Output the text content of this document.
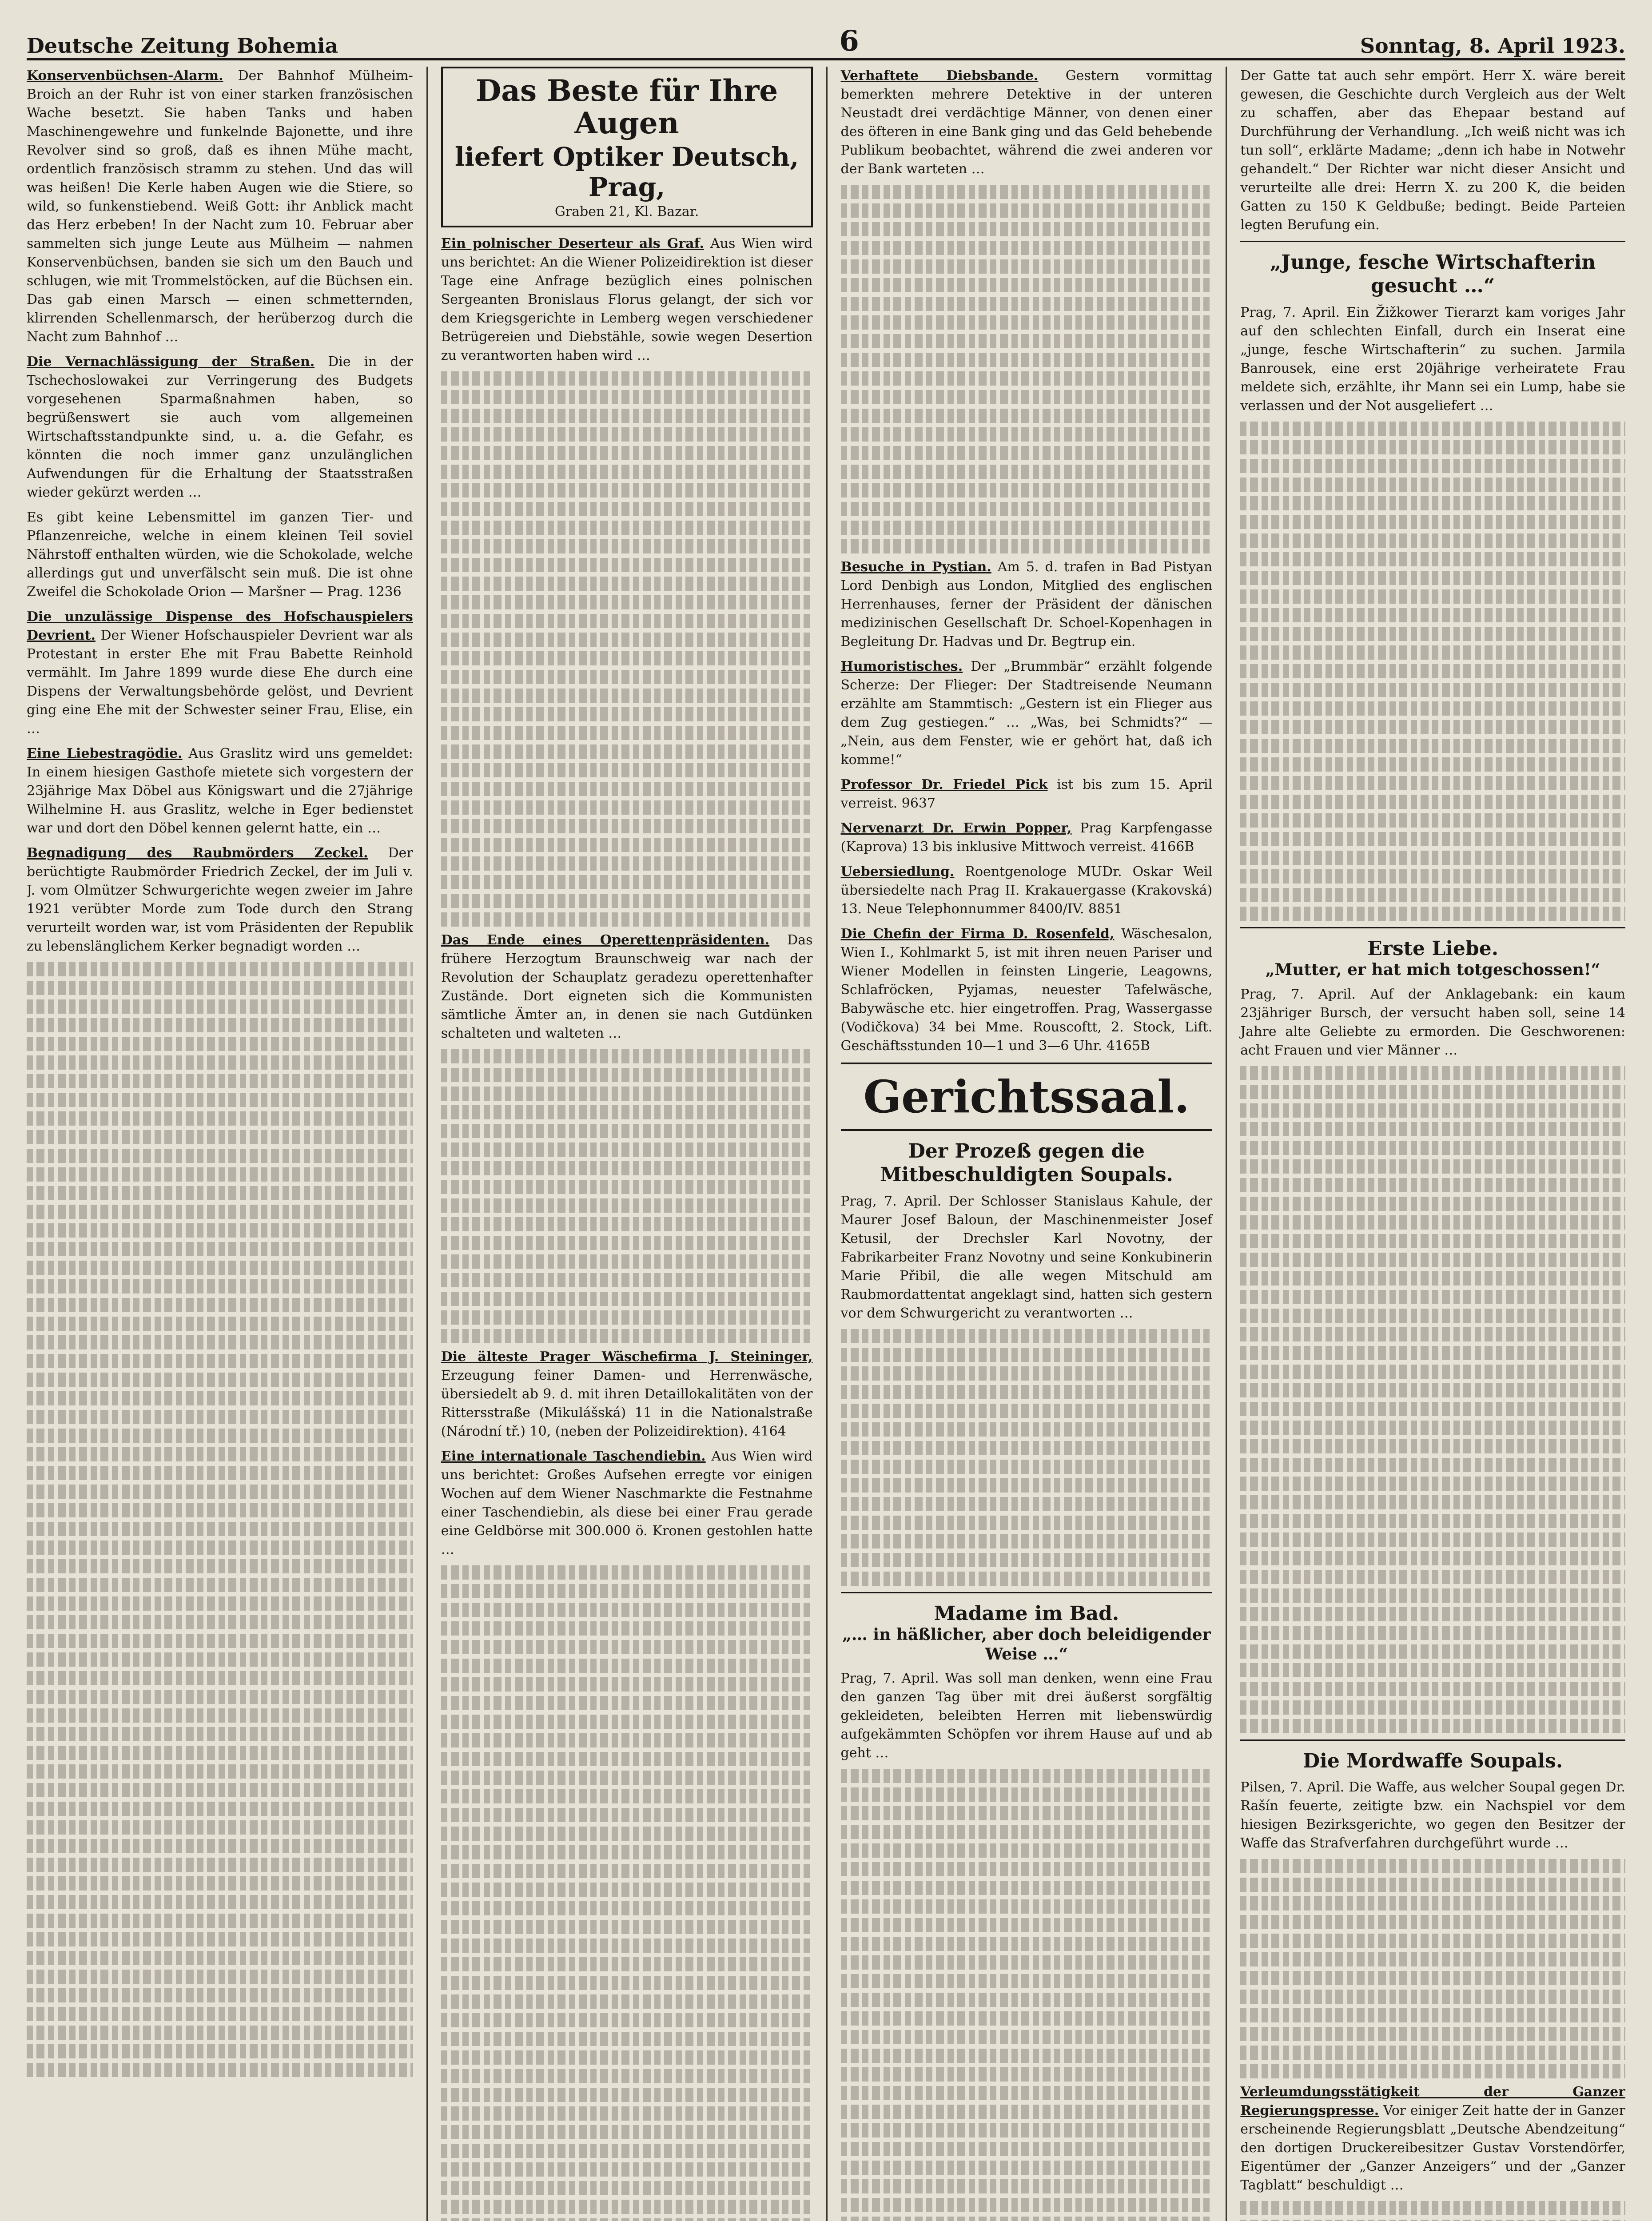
Deutsche Zeitung Bohemia	6	Sonntag, 8. April 1923.

Konservenbüchsen-Alarm. Der Bahnhof Mülheim-Broich an der Ruhr ist von einer starken französischen Wache besetzt. Sie haben Tanks und haben Maschinengewehre und funkelnde Bajonette, und ihre Revolver sind so groß, daß es ihnen Mühe macht, ordentlich französisch stramm zu stehen. Und das will was heißen! Die Kerle haben Augen wie die Stiere, so wild, so funkenstiebend. Weiß Gott: ihr Anblick macht das Herz erbeben! In der Nacht zum 10. Februar aber sammelten sich junge Leute aus Mülheim — nahmen Konservenbüchsen, banden sie sich um den Bauch und schlugen, wie mit Trommelstöcken, auf die Büchsen ein. Das gab einen Marsch — einen schmetternden, klirrenden Schellenmarsch, der herüberzog durch die Nacht zum Bahnhof …

Die Vernachlässigung der Straßen. Die in der Tschechoslowakei zur Verringerung des Budgets vorgesehenen Sparmaßnahmen haben, so begrüßenswert sie auch vom allgemeinen Wirtschaftsstandpunkte sind, u. a. die Gefahr, es könnten die noch immer ganz unzulänglichen Aufwendungen für die Erhaltung der Staatsstraßen wieder gekürzt werden …

Es gibt keine Lebensmittel im ganzen Tier- und Pflanzenreiche, welche in einem kleinen Teil soviel Nährstoff enthalten würden, wie die Schokolade, welche allerdings gut und unverfälscht sein muß. Die ist ohne Zweifel die Schokolade Orion — Maršner — Prag. 1236

Die unzulässige Dispense des Hofschauspielers Devrient. Der Wiener Hofschauspieler Devrient war als Protestant in erster Ehe mit Frau Babette Reinhold vermählt. Im Jahre 1899 wurde diese Ehe durch eine Dispens der Verwaltungsbehörde gelöst, und Devrient ging eine Ehe mit der Schwester seiner Frau, Elise, ein …

Eine Liebestragödie. Aus Graslitz wird uns gemeldet: In einem hiesigen Gasthofe mietete sich vorgestern der 23jährige Max Döbel aus Königswart und die 27jährige Wilhelmine H. aus Graslitz, welche in Eger bedienstet war und dort den Döbel kennen gelernt hatte, ein …

Begnadigung des Raubmörders Zeckel. Der berüchtigte Raubmörder Friedrich Zeckel, der im Juli v. J. vom Olmützer Schwurgerichte wegen zweier im Jahre 1921 verübter Morde zum Tode durch den Strang verurteilt worden war, ist vom Präsidenten der Republik zu lebenslänglichem Kerker begnadigt worden …

Das Beste für Ihre Augen
liefert Optiker Deutsch, Prag,
Graben 21, Kl. Bazar.

Ein polnischer Deserteur als Graf. Aus Wien wird uns berichtet: An die Wiener Polizeidirektion ist dieser Tage eine Anfrage bezüglich eines polnischen Sergeanten Bronislaus Florus gelangt, der sich vor dem Kriegsgerichte in Lemberg wegen verschiedener Betrügereien und Diebstähle, sowie wegen Desertion zu verantworten haben wird …

Das Ende eines Operettenpräsidenten. Das frühere Herzogtum Braunschweig war nach der Revolution der Schauplatz geradezu operettenhafter Zustände. Dort eigneten sich die Kommunisten sämtliche Ämter an, in denen sie nach Gutdünken schalteten und walteten …

Die älteste Prager Wäschefirma J. Steininger, Erzeugung feiner Damen- und Herrenwäsche, übersiedelt ab 9. d. mit ihren Detaillokalitäten von der Rittersstraße (Mikulášská) 11 in die Nationalstraße (Národní tř.) 10, (neben der Polizeidirektion). 4164

Eine internationale Taschendiebin. Aus Wien wird uns berichtet: Großes Aufsehen erregte vor einigen Wochen auf dem Wiener Naschmarkte die Festnahme einer Taschendiebin, als diese bei einer Frau gerade eine Geldbörse mit 300.000 ö. Kronen gestohlen hatte …

Verhaftete Diebsbande. Gestern vormittag bemerkten mehrere Detektive in der unteren Neustadt drei verdächtige Männer, von denen einer des öfteren in eine Bank ging und das Geld behebende Publikum beobachtet, während die zwei anderen vor der Bank warteten …

Besuche in Pystian. Am 5. d. trafen in Bad Pistyan Lord Denbigh aus London, Mitglied des englischen Herrenhauses, ferner der Präsident der dänischen medizinischen Gesellschaft Dr. Schoel-Kopenhagen in Begleitung Dr. Hadvas und Dr. Begtrup ein.

Humoristisches. Der „Brummbär“ erzählt folgende Scherze: Der Flieger: Der Stadtreisende Neumann erzählte am Stammtisch: „Gestern ist ein Flieger aus dem Zug gestiegen.“ … „Was, bei Schmidts?“ — „Nein, aus dem Fenster, wie er gehört hat, daß ich komme!“

Professor Dr. Friedel Pick ist bis zum 15. April verreist. 9637

Nervenarzt Dr. Erwin Popper, Prag Karpfengasse (Kaprova) 13 bis inklusive Mittwoch verreist. 4166B

Uebersiedlung. Roentgenologe MUDr. Oskar Weil übersiedelte nach Prag II. Krakauergasse (Krakovská) 13. Neue Telephonnummer 8400/IV. 8851

Die Chefin der Firma D. Rosenfeld, Wäschesalon, Wien I., Kohlmarkt 5, ist mit ihren neuen Pariser und Wiener Modellen in feinsten Lingerie, Leagowns, Schlafröcken, Pyjamas, neuester Tafelwäsche, Babywäsche etc. hier eingetroffen. Prag, Wassergasse (Vodičkova) 34 bei Mme. Rouscoftt, 2. Stock, Lift. Geschäftsstunden 10—1 und 3—6 Uhr. 4165B

Gerichtssaal.
Der Prozeß gegen die Mitbeschuldigten Soupals.

Prag, 7. April. Der Schlosser Stanislaus Kahule, der Maurer Josef Baloun, der Maschinenmeister Josef Ketusil, der Drechsler Karl Novotny, der Fabrikarbeiter Franz Novotny und seine Konkubinerin Marie Přibil, die alle wegen Mitschuld am Raubmordattentat angeklagt sind, hatten sich gestern vor dem Schwurgericht zu verantworten …

Madame im Bad.
„… in häßlicher, aber doch beleidigender Weise …“

Prag, 7. April. Was soll man denken, wenn eine Frau den ganzen Tag über mit drei äußerst sorgfältig gekleideten, beleibten Herren mit liebenswürdig aufgekämmten Schöpfen vor ihrem Hause auf und ab geht …

Der Gatte tat auch sehr empört. Herr X. wäre bereit gewesen, die Geschichte durch Vergleich aus der Welt zu schaffen, aber das Ehepaar bestand auf Durchführung der Verhandlung. „Ich weiß nicht was ich tun soll“, erklärte Madame; „denn ich habe in Notwehr gehandelt.“ Der Richter war nicht dieser Ansicht und verurteilte alle drei: Herrn X. zu 200 K, die beiden Gatten zu 150 K Geldbuße; bedingt. Beide Parteien legten Berufung ein.

„Junge, fesche Wirtschafterin gesucht …“

Prag, 7. April. Ein Žižkower Tierarzt kam voriges Jahr auf den schlechten Einfall, durch ein Inserat eine „junge, fesche Wirtschafterin“ zu suchen. Jarmila Banrousek, eine erst 20jährige verheiratete Frau meldete sich, erzählte, ihr Mann sei ein Lump, habe sie verlassen und der Not ausgeliefert …

Erste Liebe.
„Mutter, er hat mich totgeschossen!“

Prag, 7. April. Auf der Anklagebank: ein kaum 23jähriger Bursch, der versucht haben soll, seine 14 Jahre alte Geliebte zu ermorden. Die Geschworenen: acht Frauen und vier Männer …

Die Mordwaffe Soupals.

Pilsen, 7. April. Die Waffe, aus welcher Soupal gegen Dr. Rašín feuerte, zeitigte bzw. ein Nachspiel vor dem hiesigen Bezirksgerichte, wo gegen den Besitzer der Waffe das Strafverfahren durchgeführt wurde …

Verleumdungsstätigkeit der Ganzer Regierungspresse. Vor einiger Zeit hatte der in Ganzer erscheinende Regierungsblatt „Deutsche Abendzeitung“ den dortigen Druckereibesitzer Gustav Vorstendörfer, Eigentümer der „Ganzer Anzeigers“ und der „Ganzer Tagblatt“ beschuldigt …
